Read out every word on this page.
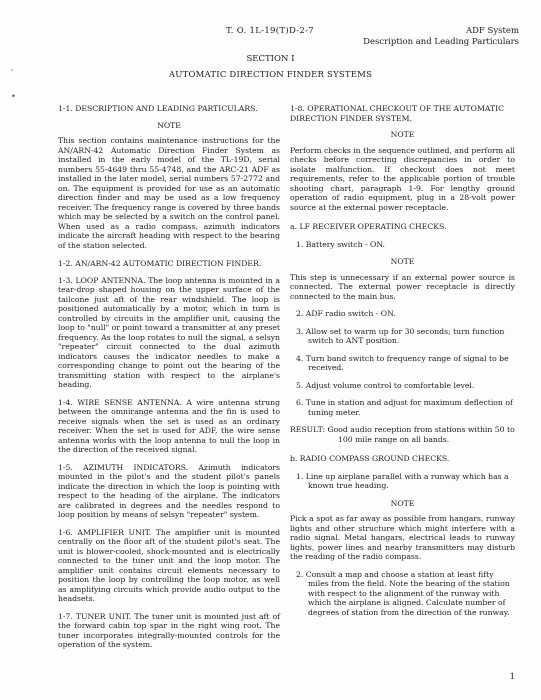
T. O. 1L-19(T)D-2-7	ADF System
Description and Leading Particulars
SECTION I
AUTOMATIC DIRECTION FINDER SYSTEMS
'
•
1-1. DESCRIPTION AND LEADING PARTICULARS.
NOTE
This section contains maintenance instructions for the AN/ARN-42 Automatic Direction Finder System as installed in the early model of the TL-19D, serial numbers 55-4649 thru 55-4748, and the ARC-21 ADF as installed in the later model, serial numbers 57-2772 and on. The equipment is provided for use as an automatic direction finder and may be used as a low frequency receiver. The frequency range is covered by three bands which may be selected by a switch on the control panel. When used as a radio compass, azimuth indicators indicate the aircraft heading with respect to the bearing of the station selected.
1-2. AN/ARN-42 AUTOMATIC DIRECTION FINDER.
1-3. LOOP ANTENNA. The loop antenna is mounted in a tear-drop shaped housing on the upper surface of the tailcone just aft of the rear windshield. The loop is positioned automatically by a motor, which in turn is controlled by circuits in the amplifier unit, causing the loop to "null" or point toward a transmitter at any preset frequency. As the loop rotates to null the signal, a selsyn "repeater" circuit connected to the dual azimuth indicators causes the indicator needles to make a corresponding change to point out the bearing of the transmitting station with respect to the airplane's heading.
1-4. WIRE SENSE ANTENNA. A wire antenna strung between the omnirange antenna and the fin is used to receive signals when the set is used as an ordinary receiver. When the set is used for ADF, the wire sense antenna works with the loop antenna to null the loop in the direction of the received signal.
1-5. AZIMUTH INDICATORS. Azimuth indicators mounted in the pilot's and the student pilot's panels indicate the direction in which the loop is pointing with respect to the heading of the airplane. The indicators are calibrated in degrees and the needles respond to loop position by means of selsyn "repeater" system.
1-6. AMPLIFIER UNIT. The amplifier unit is mounted centrally on the floor aft of the student pilot's seat. The unit is blower-cooled, shock-mounted and is electrically connected to the tuner unit and the loop motor. The amplifier unit contains circuit elements necessary to position the loop by controlling the loop motor, as well as amplifying circuits which provide audio output to the headsets.
1-7. TUNER UNIT. The tuner unit is mounted just aft of the forward cabin top spar in the right wing root. The tuner incorporates integrally-mounted controls for the operation of the system.
1-8. OPERATIONAL CHECKOUT OF THE AUTOMATIC DIRECTION FINDER SYSTEM.
NOTE
Perform checks in the sequence outlined, and perform all checks before correcting discrepancies in order to isolate malfunction. If checkout does not meet requirements, refer to the applicable portion of trouble shooting chart, paragraph 1-9. For lengthy ground operation of radio equipment, plug in a 28-volt power source at the external power receptacle.
a. LF RECEIVER OPERATING CHECKS.
1. Battery switch - ON.
NOTE
This step is unnecessary if an external power source is connected. The external power receptacle is directly connected to the main bus.
2. ADF radio switch - ON.
3. Allow set to warm up for 30 seconds; turn function switch to ANT position.
4. Turn band switch to frequency range of signal to be received.
5. Adjust volume control to comfortable level.
6. Tune in station and adjust for maximum deflection of tuning meter.
RESULT: Good audio reception from stations within 50 to 100 mile range on all bands.
b. RADIO COMPASS GROUND CHECKS.
1. Line up airplane parallel with a runway which has a known true heading.
NOTE
Pick a spot as far away as possible from hangars, runway lights and other structure which might interfere with a radio signal. Metal hangars, electrical leads to runway lights, power lines and nearby transmitters may disturb the reading of the radio compass.
2. Consult a map and choose a station at least fifty miles from the field. Note the bearing of the station with respect to the alignment of the runway with which the airplane is aligned. Calculate number of degrees of station from the direction of the runway.
1
